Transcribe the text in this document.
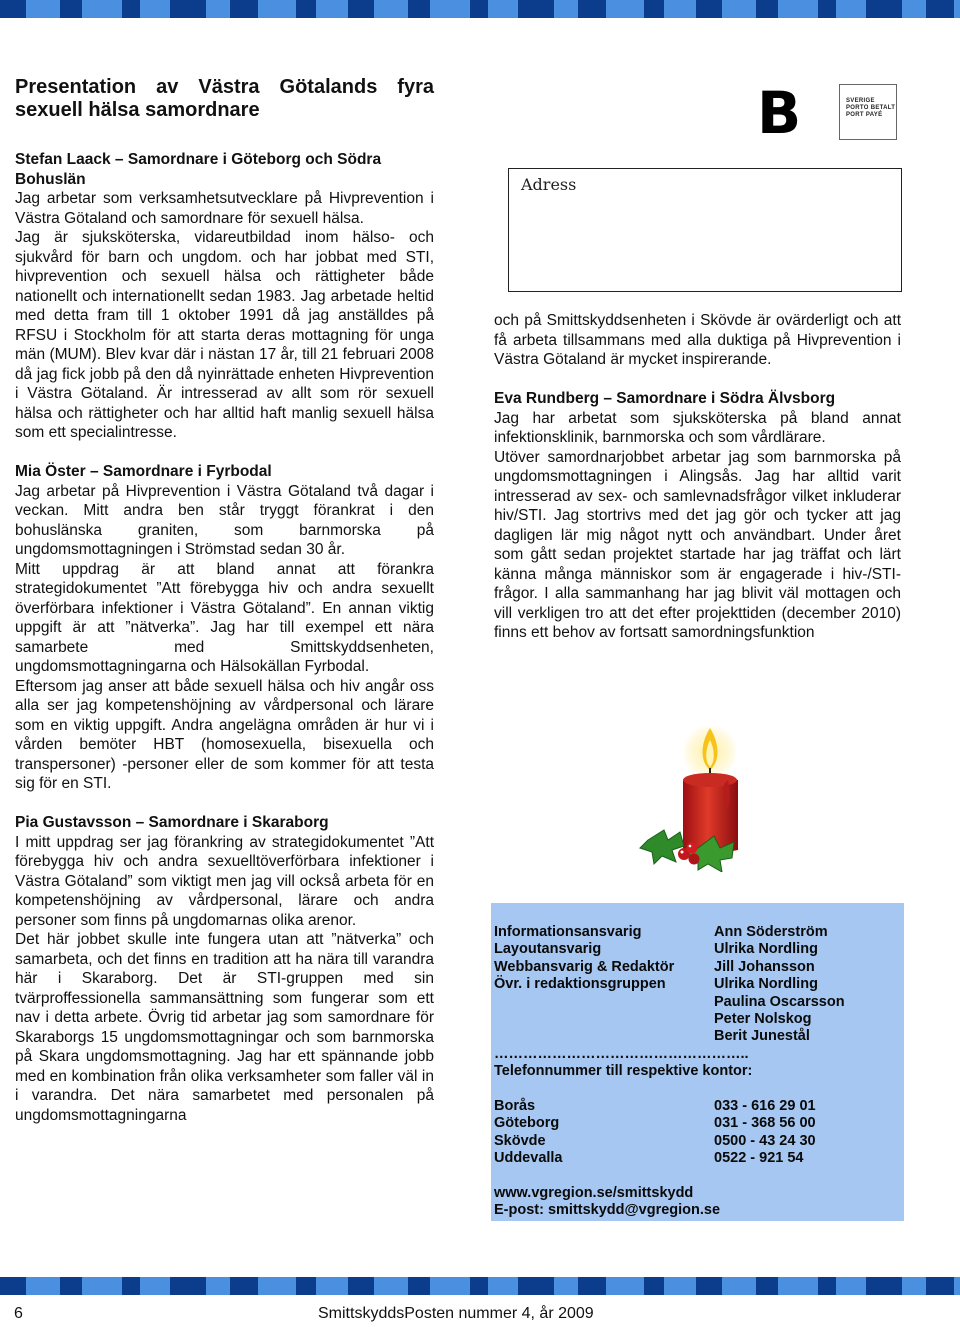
Presentation av Västra Götalands fyra sexuell hälsa samordnare

Stefan Laack – Samordnare i Göteborg och Södra Bohuslän

Jag arbetar som verksamhetsutvecklare på Hivprevention i Västra Götaland och samordnare för sexuell hälsa.

Jag är sjuksköterska, vidareutbildad inom hälso- och sjukvård för barn och ungdom. och har jobbat med STI, hivprevention och sexuell hälsa och rättigheter både nationellt och internationellt sedan 1983. Jag arbetade heltid med detta fram till 1 oktober 1991 då jag anställdes på RFSU i Stockholm för att starta deras mottagning för unga män (MUM). Blev kvar där i nästan 17 år, till 21 februari 2008 då jag fick jobb på den då nyinrättade enheten Hivprevention i Västra Götaland. Är intresserad av allt som rör sexuell hälsa och rättigheter och har alltid haft manlig sexuell hälsa som ett specialintresse.

Mia Öster – Samordnare i Fyrbodal

Jag arbetar på Hivprevention i Västra Götaland två dagar i veckan. Mitt andra ben står tryggt förankrat i den bohuslänska graniten, som barnmorska på ungdomsmottagningen i Strömstad sedan 30 år.

Mitt uppdrag är att bland annat att förankra strategidokumentet ”Att förebygga hiv och andra sexuellt överförbara infektioner i Västra Götaland”. En annan viktig uppgift är att ”nätverka”. Jag har till exempel ett nära samarbete med Smittskyddsenheten, ungdomsmottagningarna och Hälsokällan Fyrbodal.

Eftersom jag anser att både sexuell hälsa och hiv angår oss alla ser jag kompetenshöjning av vårdpersonal och lärare som en viktig uppgift. Andra angelägna områden är hur vi i vården bemöter HBT (homosexuella, bisexuella och transpersoner) -personer eller de som kommer för att testa sig för en STI.

Pia Gustavsson – Samordnare i Skaraborg

I mitt uppdrag ser jag förankring av strategidokumentet ”Att förebygga hiv och andra sexuelltöverförbara infektioner i Västra Götaland” som viktigt men jag vill också arbeta för en kompetenshöjning av vårdpersonal, lärare och andra personer som finns på ungdomarnas olika arenor.

Det här jobbet skulle inte fungera utan att ”nätverka” och samarbeta, och det finns en tradition att ha nära till varandra här i Skaraborg. Det är STI-gruppen med sin tvärproffessionella sammansättning som fungerar som ett nav i detta arbete. Övrig tid arbetar jag som samordnare för Skaraborgs 15 ungdomsmottagningar och som barnmorska på Skara ungdomsmottagning. Jag har ett spännande jobb med en kombination från olika verksamheter som faller väl in i varandra. Det nära samarbetet med personalen på ungdomsmottagningarna

B	SVERIGE
PORTO BETALT
PORT PAYÉ
Adress

och på Smittskyddsenheten i Skövde är ovärderligt och att få arbeta tillsammans med alla duktiga på Hivprevention i Västra Götaland är mycket inspirerande.

Eva Rundberg – Samordnare i Södra Älvsborg

Jag har arbetat som sjuksköterska på bland annat infektionsklinik, barnmorska och som vårdlärare.

Utöver samordnarjobbet arbetar jag som barnmorska på ungdomsmottagningen i Alingsås. Jag har alltid varit intresserad av sex- och samlevnadsfrågor vilket inkluderar hiv/STI. Jag stortrivs med det jag gör och tycker att jag dagligen lär mig något nytt och användbart. Under året som gått sedan projektet startade har jag träffat och lärt känna många människor som är engagerade i hiv-/STI-frågor. I alla sammanhang har jag blivit väl mottagen och vill verkligen tro att det efter projekttiden (december 2010) finns ett behov av fortsatt samordningsfunktion

Informationsansvarig	Ann Söderström
Layoutansvarig	Ulrika Nordling
Webbansvarig & Redaktör	Jill Johansson
Övr. i redaktionsgruppen	Ulrika Nordling
Paulina Oscarsson
Peter Nolskog
Berit Junestål
……………………………………………..
Telefonnummer till respektive kontor:
Borås	033 - 616 29 01
Göteborg	031 - 368 56 00
Skövde	0500 - 43 24 30
Uddevalla	0522 - 921 54
www.vgregion.se/smittskydd
E-post: smittskydd@vgregion.se
6	SmittskyddsPosten nummer 4, år 2009
